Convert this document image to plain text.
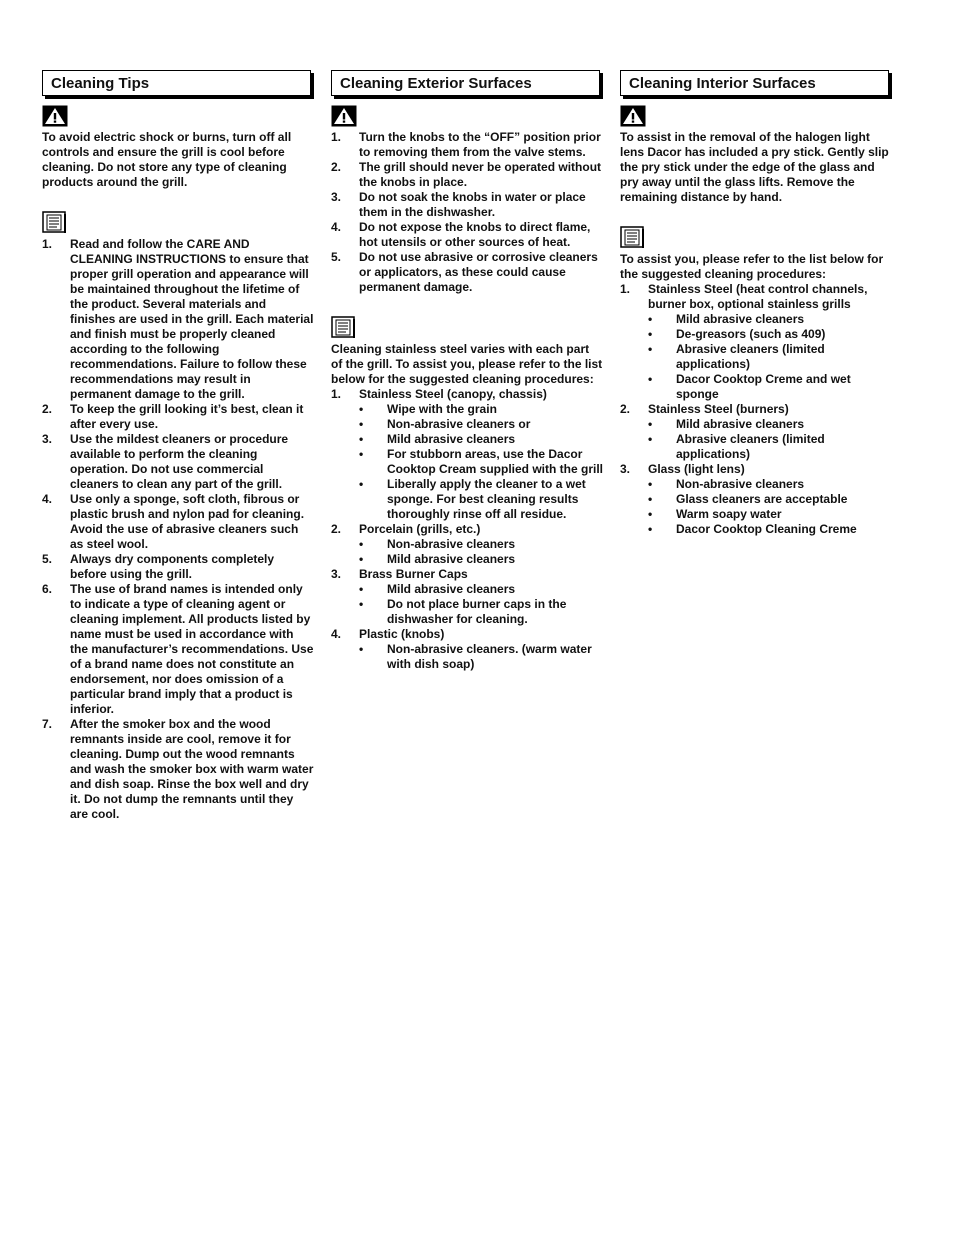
Cleaning Tips

To avoid electric shock or burns, turn off all controls and ensure the grill is cool before cleaning. Do not store any type of cleaning products around the grill.

1. Read and follow the CARE AND CLEANING INSTRUCTIONS to ensure that proper grill operation and appearance will be maintained throughout the lifetime of the product. Several materials and finishes are used in the grill. Each material and finish must be properly cleaned according to the following recommendations. Failure to follow these recommendations may result in permanent damage to the grill.
2. To keep the grill looking it’s best, clean it after every use.
3. Use the mildest cleaners or procedure available to perform the cleaning operation. Do not use commercial cleaners to clean any part of the grill.
4. Use only a sponge, soft cloth, fibrous or plastic brush and nylon pad for cleaning. Avoid the use of abrasive cleaners such as steel wool.
5. Always dry components completely before using the grill.
6. The use of brand names is intended only to indicate a type of cleaning agent or cleaning implement. All products listed by name must be used in accordance with the manufacturer’s recommendations. Use of a brand name does not constitute an endorsement, nor does omission of a particular brand imply that a product is inferior.
7. After the smoker box and the wood remnants inside are cool, remove it for cleaning. Dump out the wood remnants and wash the smoker box with warm water and dish soap. Rinse the box well and dry it. Do not dump the remnants until they are cool.
Cleaning Exterior Surfaces
1. Turn the knobs to the “OFF” position prior to removing them from the valve stems.
2. The grill should never be operated without the knobs in place.
3. Do not soak the knobs in water or place them in the dishwasher.
4. Do not expose the knobs to direct flame, hot utensils or other sources of heat.
5. Do not use abrasive or corrosive cleaners or applicators, as these could cause permanent damage.

Cleaning stainless steel varies with each part of the grill. To assist you, please refer to the list below for the suggested cleaning procedures:

1. Stainless Steel (canopy, chassis)
• Wipe with the grain
• Non-abrasive cleaners or
• Mild abrasive cleaners
• For stubborn areas, use the Dacor Cooktop Cream supplied with the grill
• Liberally apply the cleaner to a wet sponge. For best cleaning results thoroughly rinse off all residue.
2. Porcelain (grills, etc.)
• Non-abrasive cleaners
• Mild abrasive cleaners
3. Brass Burner Caps
• Mild abrasive cleaners
• Do not place burner caps in the dishwasher for cleaning.
4. Plastic (knobs)
• Non-abrasive cleaners. (warm water with dish soap)
Cleaning Interior Surfaces

To assist in the removal of the halogen light lens Dacor has included a pry stick. Gently slip the pry stick under the edge of the glass and pry away until the glass lifts. Remove the remaining distance by hand.

To assist you, please refer to the list below for the suggested cleaning procedures:

1. Stainless Steel (heat control channels, burner box, optional stainless grills
• Mild abrasive cleaners
• De-greasors (such as 409)
• Abrasive cleaners (limited applications)
• Dacor Cooktop Creme and wet sponge
2. Stainless Steel (burners)
• Mild abrasive cleaners
• Abrasive cleaners (limited applications)
3. Glass (light lens)
• Non-abrasive cleaners
• Glass cleaners are acceptable
• Warm soapy water
• Dacor Cooktop Cleaning Creme
